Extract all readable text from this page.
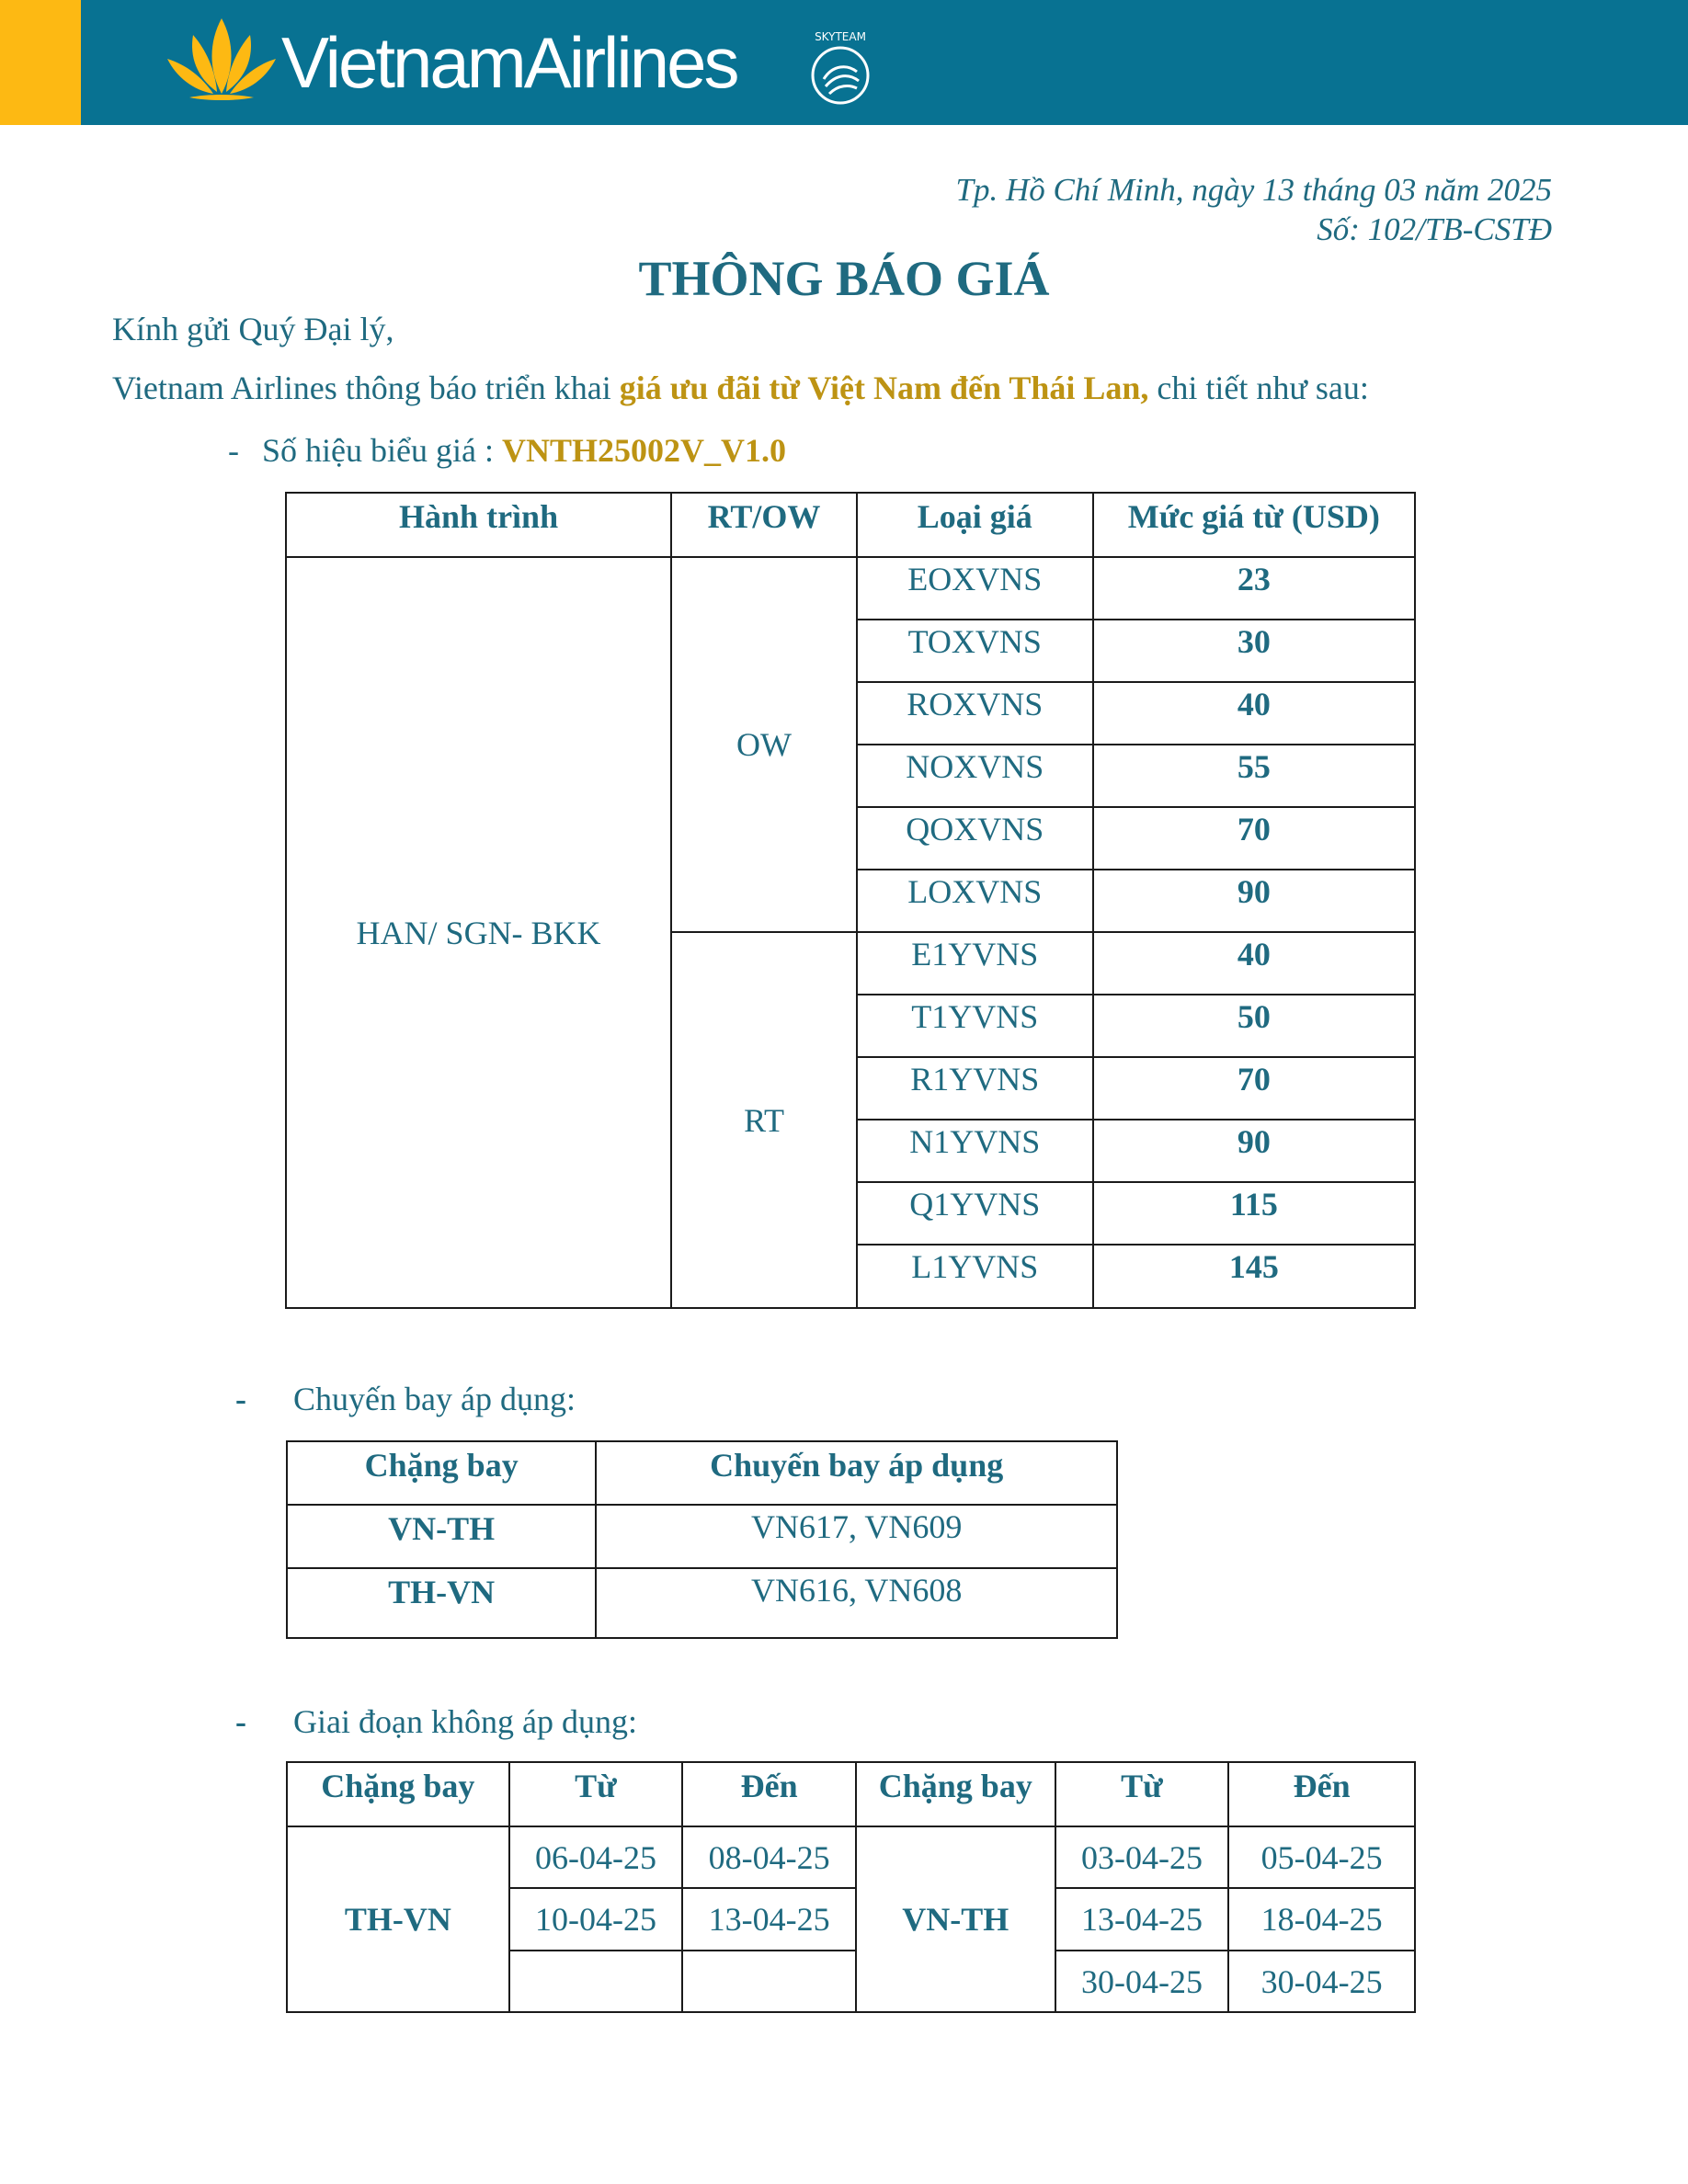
VietnamAirlines	SKYTEAM
Tp. Hồ Chí Minh, ngày 13 tháng 03 năm 2025
Số: 102/TB-CSTĐ
THÔNG BÁO GIÁ
Kính gửi Quý Đại lý,
Vietnam Airlines thông báo triển khai giá ưu đãi từ Việt Nam đến Thái Lan, chi tiết như sau:
- Số hiệu biểu giá : VNTH25002V_V1.0
Hành trình	RT/OW	Loại giá	Mức giá từ (USD)
HAN/ SGN- BKK	OW	EOXVNS	23
		TOXVNS	30
		ROXVNS	40
		NOXVNS	55
		QOXVNS	70
		LOXVNS	90
	RT	E1YVNS	40
		T1YVNS	50
		R1YVNS	70
		N1YVNS	90
		Q1YVNS	115
		L1YVNS	145
- Chuyến bay áp dụng:
Chặng bay	Chuyến bay áp dụng
VN-TH	VN617, VN609
TH-VN	VN616, VN608
- Giai đoạn không áp dụng:
Chặng bay	Từ	Đến	Chặng bay	Từ	Đến
TH-VN	06-04-25	08-04-25	VN-TH	03-04-25	05-04-25
	10-04-25	13-04-25		13-04-25	18-04-25
				30-04-25	30-04-25
